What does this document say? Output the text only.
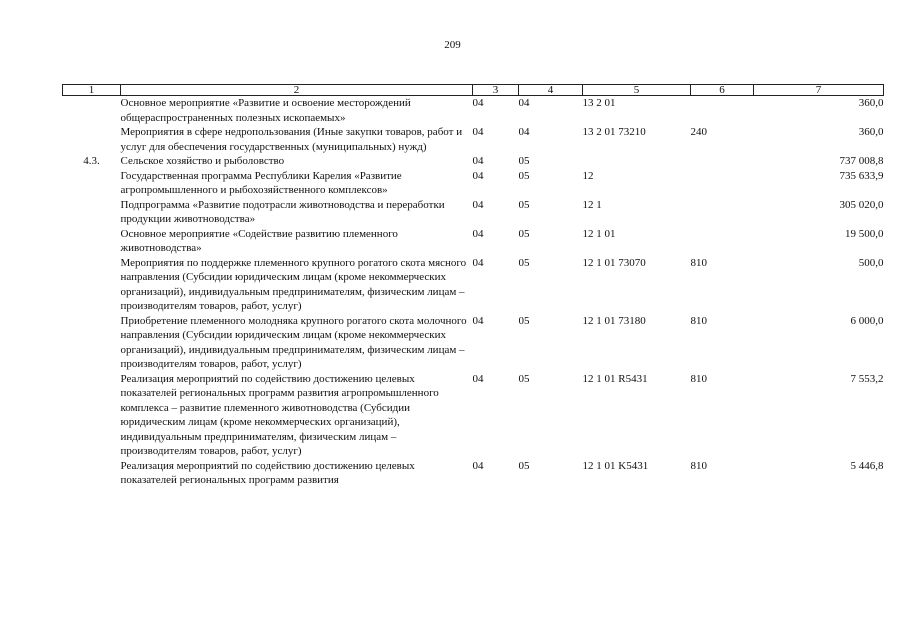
209
1	2	3	4	5	6	7
	Основное мероприятие «Развитие и освоение месторождений общераспространенных полезных ископаемых»	04	04	13 2 01		360,0
	Мероприятия в сфере недропользования (Иные закупки товаров, работ и услуг для обеспечения государственных (муниципальных) нужд)	04	04	13 2 01 73210	240	360,0
4.3.	Сельское хозяйство и рыболовство	04	05			737 008,8
	Государственная программа Республики Карелия «Развитие агропромышленного и рыбохозяйственного комплексов»	04	05	12		735 633,9
	Подпрограмма «Развитие подотрасли животноводства и переработки продукции животноводства»	04	05	12 1		305 020,0
	Основное мероприятие «Содействие развитию племенного животноводства»	04	05	12 1 01		19 500,0
	Мероприятия по поддержке племенного крупного рогатого скота мясного направления (Субсидии юридическим лицам (кроме некоммерческих организаций), индивидуальным предпринимателям, физическим лицам – производителям товаров, работ, услуг)	04	05	12 1 01 73070	810	500,0
	Приобретение племенного молодняка крупного рогатого скота молочного направления (Субсидии юридическим лицам (кроме некоммерческих организаций), индивидуальным предпринимателям, физическим лицам – производителям товаров, работ, услуг)	04	05	12 1 01 73180	810	6 000,0
	Реализация мероприятий по содействию достижению целевых показателей региональных программ развития агропромышленного комплекса – развитие племенного животноводства (Субсидии юридическим лицам (кроме некоммерческих организаций), индивидуальным предпринимателям, физическим лицам – производителям товаров, работ, услуг)	04	05	12 1 01 R5431	810	7 553,2
	Реализация мероприятий по содействию достижению целевых показателей региональных программ развития	04	05	12 1 01 K5431	810	5 446,8
